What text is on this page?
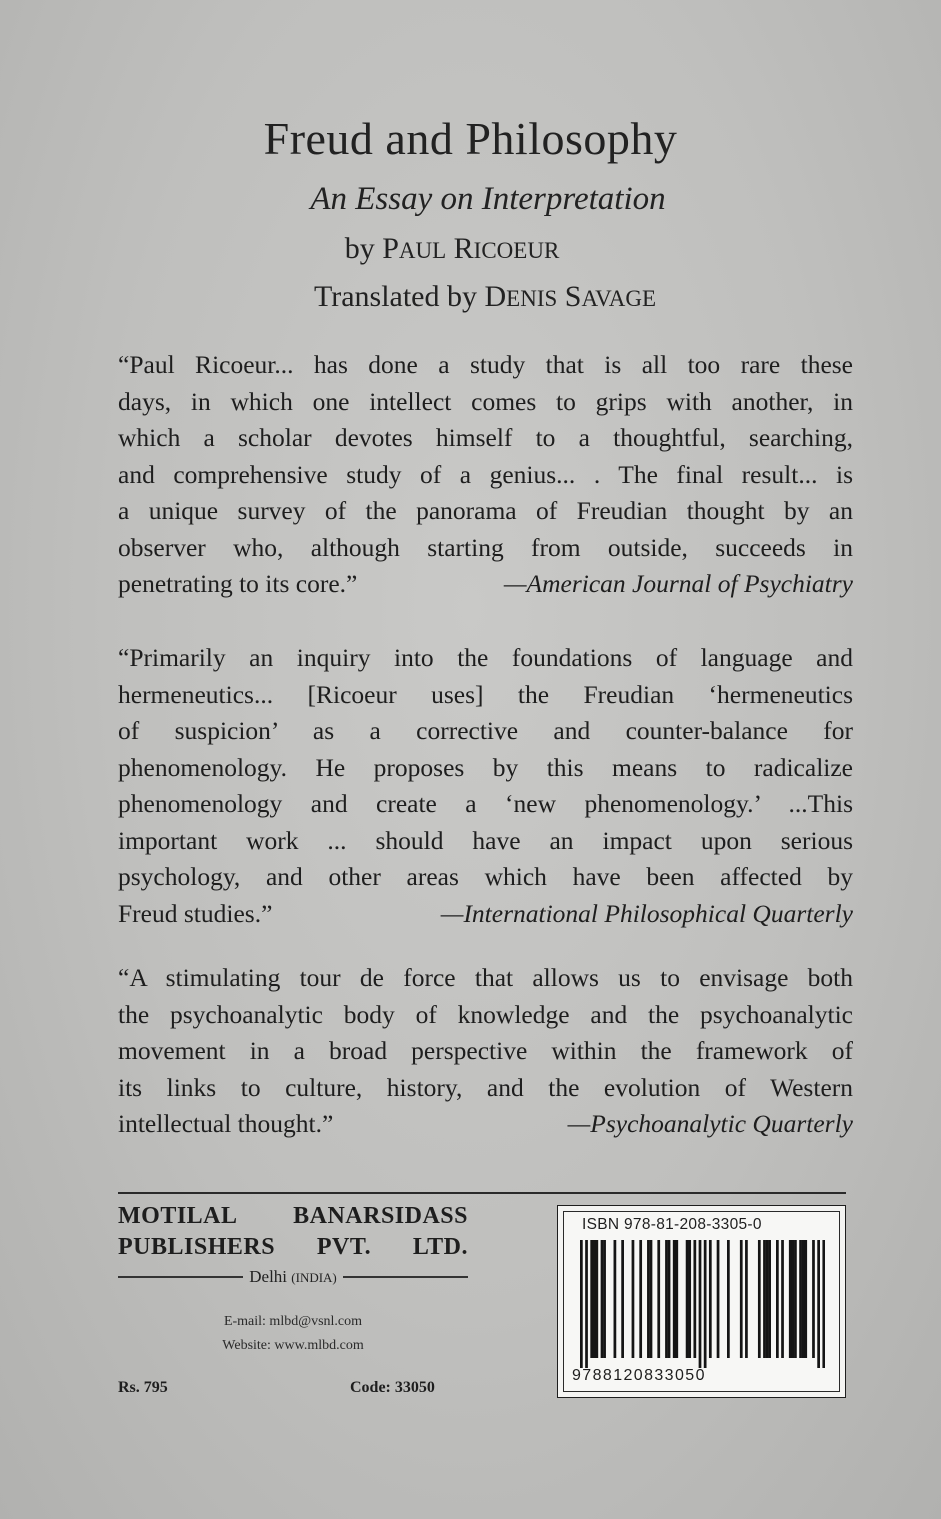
Freud and Philosophy
An Essay on Interpretation
by PAUL RICOEUR
Translated by DENIS SAVAGE
“Paul Ricoeur... has done a study that is all too rare these
days, in which one intellect comes to grips with another, in
which a scholar devotes himself to a thoughtful, searching,
and comprehensive study of a genius... . The final result... is
a unique survey of the panorama of Freudian thought by an
observer who, although starting from outside, succeeds in
penetrating to its core.”	—American Journal of Psychiatry
“Primarily an inquiry into the foundations of language and
hermeneutics... [Ricoeur uses] the Freudian ‘hermeneutics
of suspicion’ as a corrective and counter-balance for
phenomenology. He proposes by this means to radicalize
phenomenology and create a ‘new phenomenology.’ ...This
important work ... should have an impact upon serious
psychology, and other areas which have been affected by
Freud studies.”	—International Philosophical Quarterly
“A stimulating tour de force that allows us to envisage both
the psychoanalytic body of knowledge and the psychoanalytic
movement in a broad perspective within the framework of
its links to culture, history, and the evolution of Western
intellectual thought.”	—Psychoanalytic Quarterly
MOTILAL BANARSIDASS
PUBLISHERS PVT. LTD.
Delhi (INDIA)
E-mail: mlbd@vsnl.com
Website: www.mlbd.com
Rs. 795	Code: 33050
ISBN 978-81-208-3305-0
9788120833050
